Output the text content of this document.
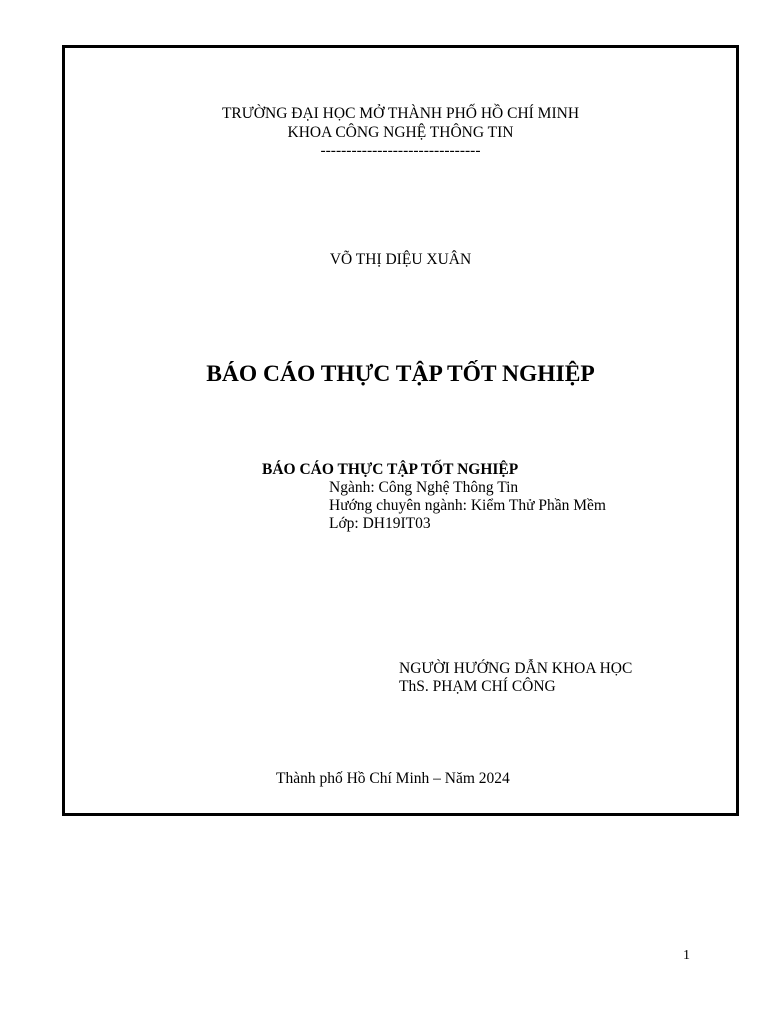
TRƯỜNG ĐẠI HỌC MỞ THÀNH PHỐ HỒ CHÍ MINH
KHOA CÔNG NGHỆ THÔNG TIN
-------------------------------
VÕ THỊ DIỆU XUÂN
BÁO CÁO THỰC TẬP TỐT NGHIỆP
BÁO CÁO THỰC TẬP TỐT NGHIỆP
Ngành: Công Nghệ Thông Tin
Hướng chuyên ngành: Kiểm Thử Phần Mềm
Lớp: DH19IT03
NGƯỜI HƯỚNG DẪN KHOA HỌC
ThS. PHẠM CHÍ CÔNG
Thành phố Hồ Chí Minh – Năm 2024
1
